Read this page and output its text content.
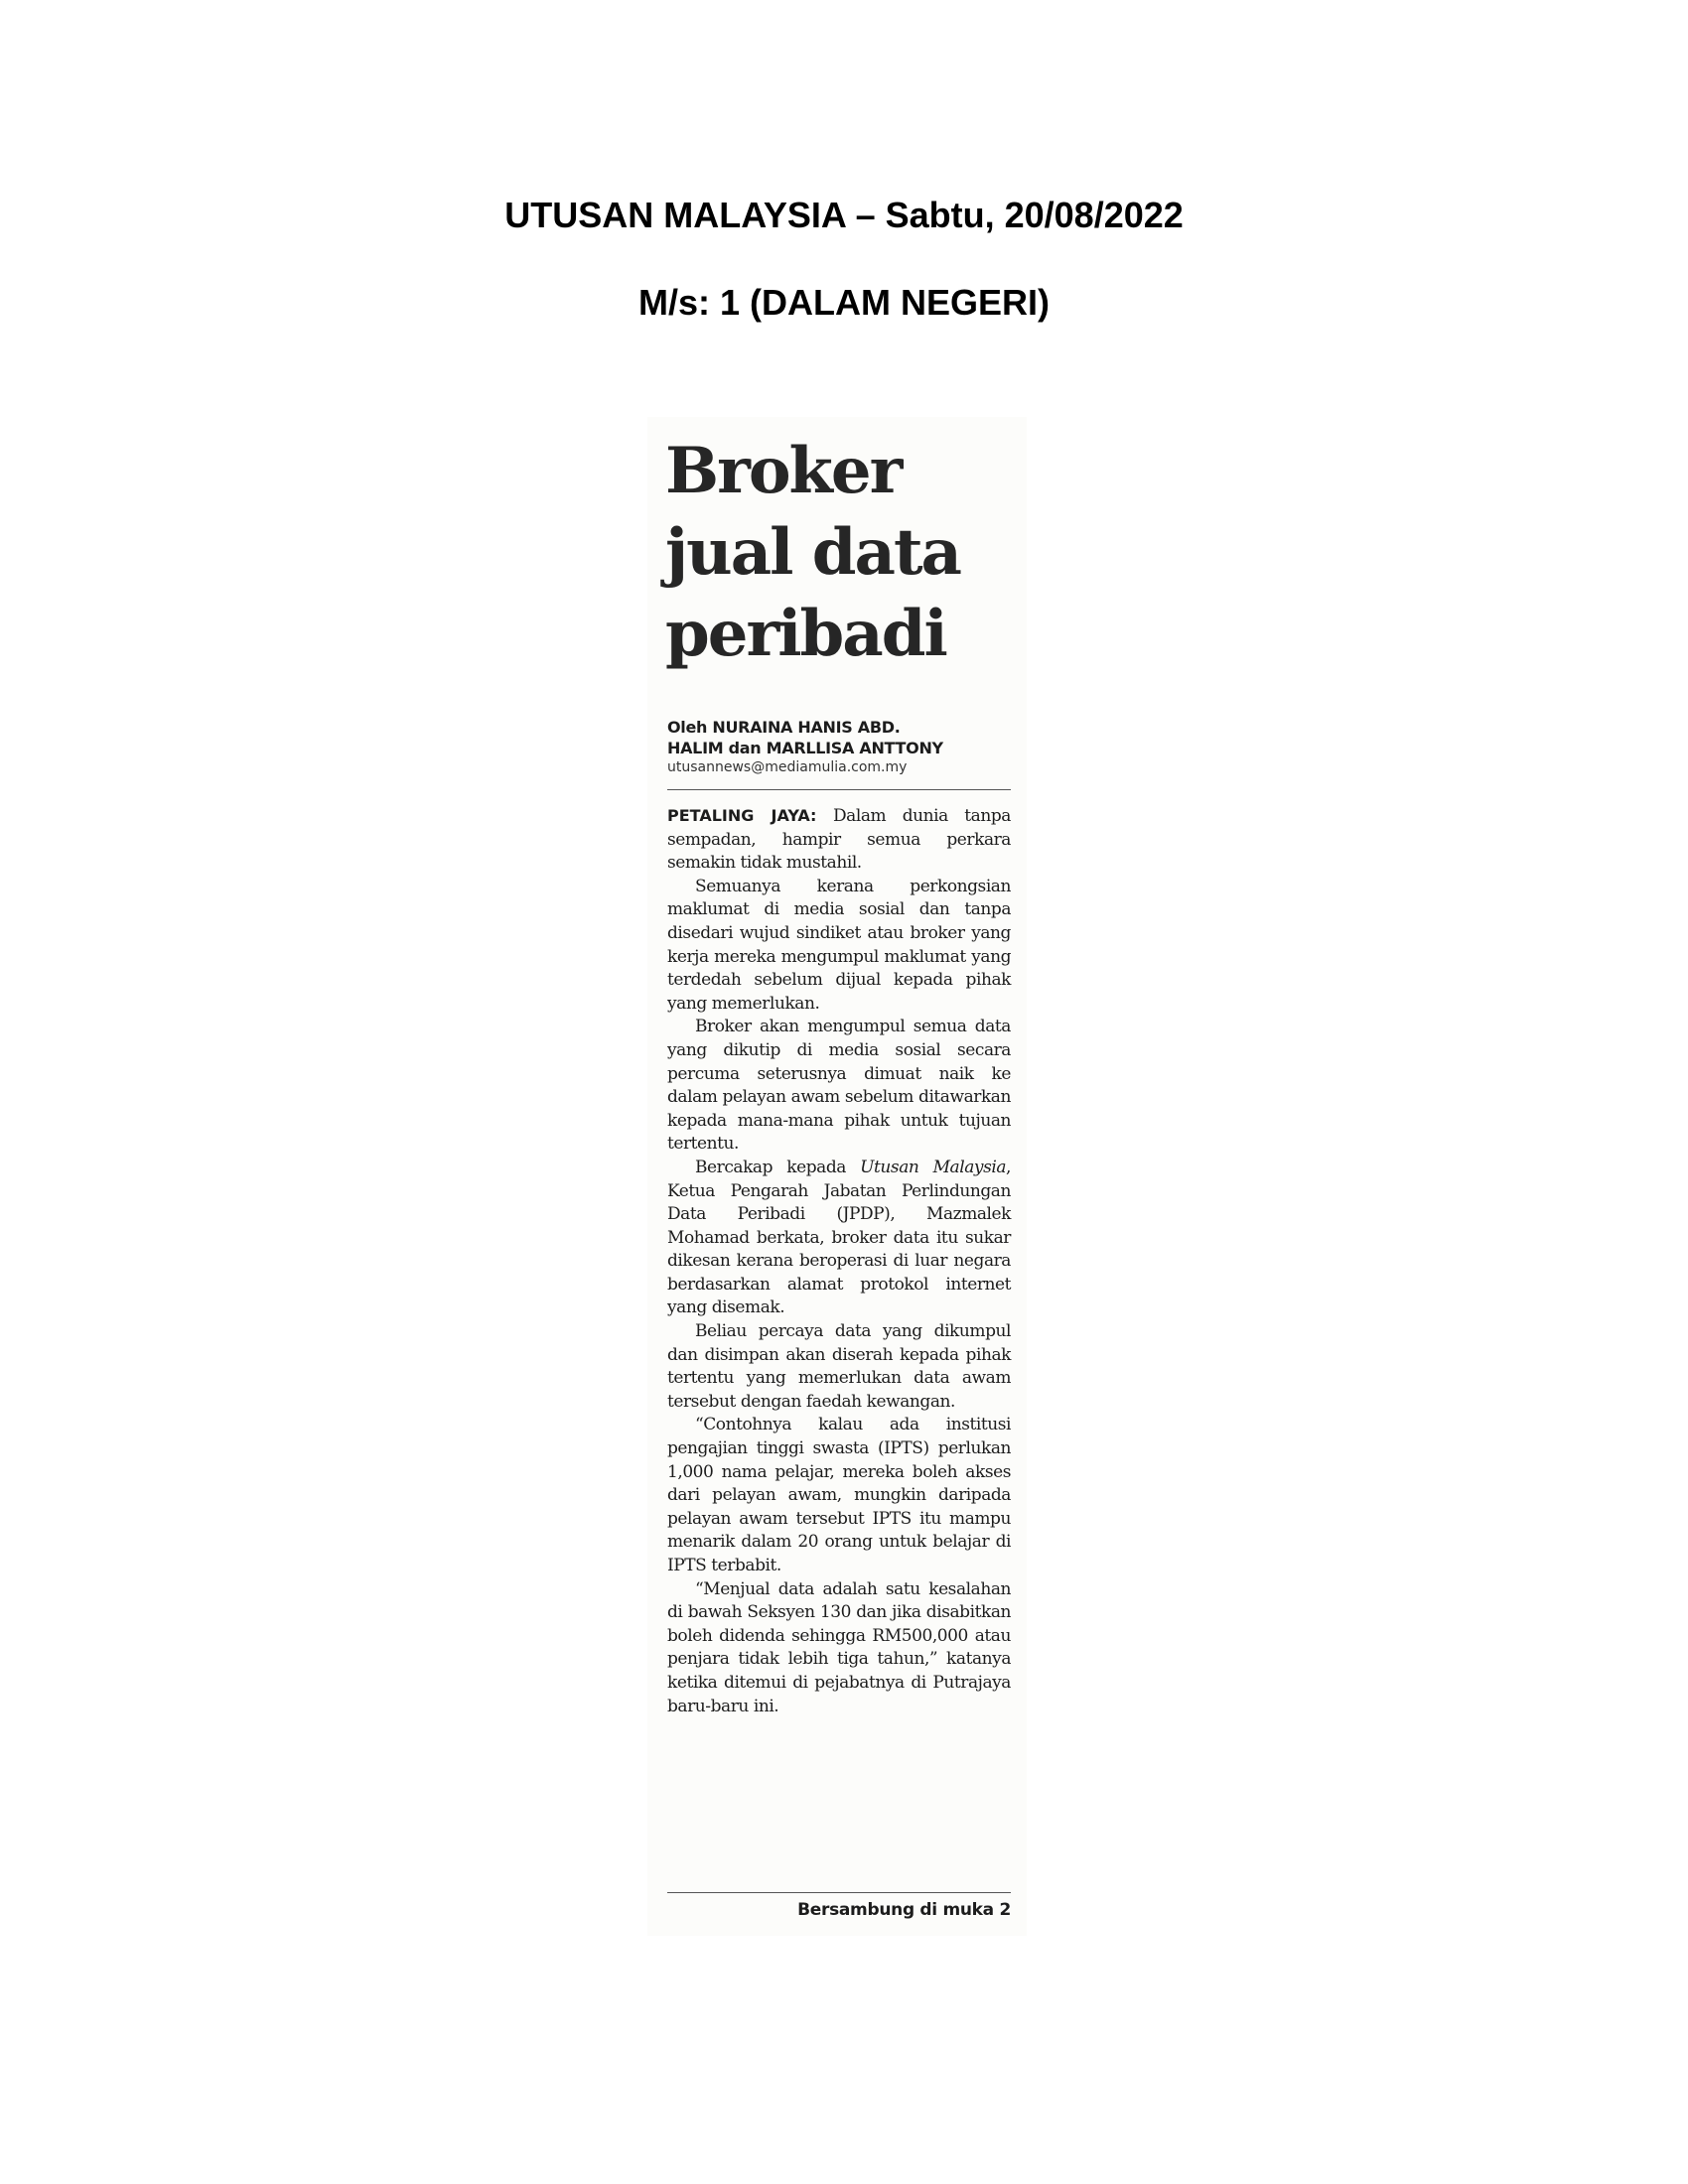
UTUSAN MALAYSIA – Sabtu, 20/08/2022
M/s: 1 (DALAM NEGERI)
Broker jual data peribadi
Oleh NURAINA HANIS ABD.
HALIM dan MARLLISA ANTTONY
utusannews@mediamulia.com.my

PETALING JAYA: Dalam dunia tanpa sempadan, hampir semua perkara semakin tidak mustahil.

Semuanya kerana perkongsian maklumat di media sosial dan tanpa disedari wujud sindiket atau broker yang kerja mereka mengumpul maklumat yang terdedah sebelum dijual kepada pihak yang memerlukan.

Broker akan mengumpul semua data yang dikutip di media sosial secara percuma seterusnya dimuat naik ke dalam pelayan awam sebelum ditawarkan kepada mana-mana pihak untuk tujuan tertentu.

Bercakap kepada Utusan Malaysia, Ketua Pengarah Jabatan Perlindungan Data Peribadi (JPDP), Mazmalek Mohamad berkata, broker data itu sukar dikesan kerana beroperasi di luar negara berdasarkan alamat protokol internet yang disemak.

Beliau percaya data yang dikumpul dan disimpan akan diserah kepada pihak tertentu yang memerlukan data awam tersebut dengan faedah kewangan.

“Contohnya kalau ada institusi pengajian tinggi swasta (IPTS) perlukan 1,000 nama pelajar, mereka boleh akses dari pelayan awam, mungkin daripada pelayan awam tersebut IPTS itu mampu menarik dalam 20 orang untuk belajar di IPTS terbabit.

“Menjual data adalah satu kesalahan di bawah Seksyen 130 dan jika disabitkan boleh didenda sehingga RM500,000 atau penjara tidak lebih tiga tahun,” katanya ketika ditemui di pejabatnya di Putrajaya baru-baru ini.

Bersambung di muka 2
